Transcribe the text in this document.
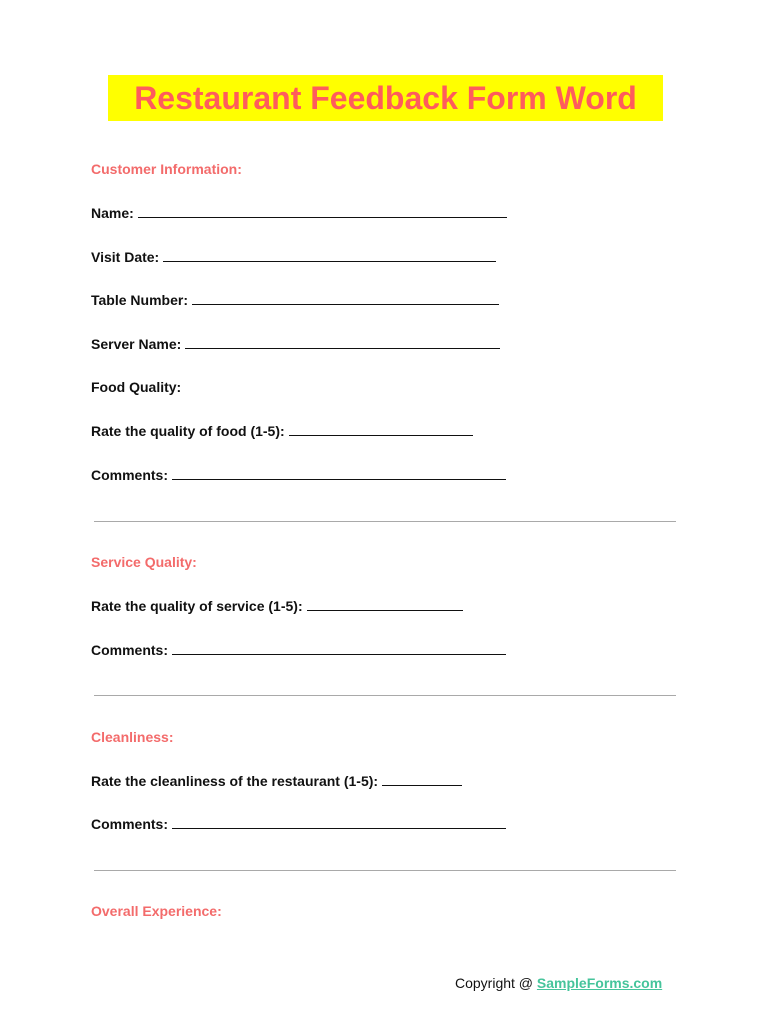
Restaurant Feedback Form Word
Customer Information:
Name:
Visit Date:
Table Number:
Server Name:
Food Quality:
Rate the quality of food (1-5):
Comments:
Service Quality:
Rate the quality of service (1-5):
Comments:
Cleanliness:
Rate the cleanliness of the restaurant (1-5):
Comments:
Overall Experience:
Copyright @ SampleForms.com
